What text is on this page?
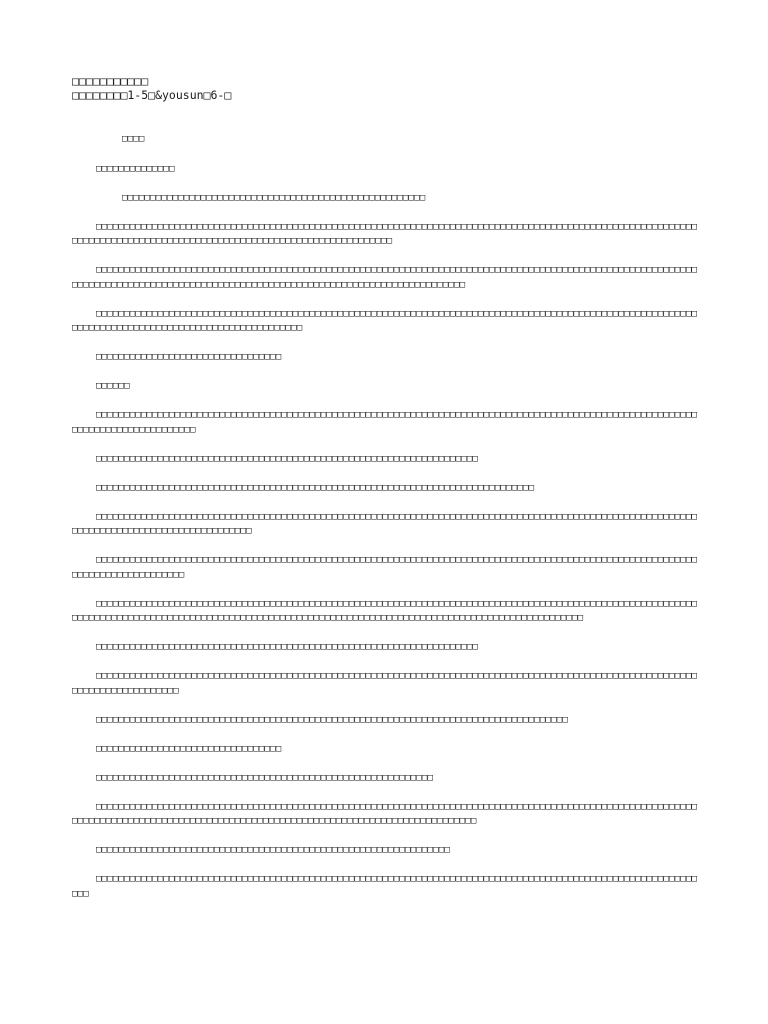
□□□□□□□□□□□
□□□□□□□□1-5□&yousun□6-□

□□□□

□□□□□□□□□□□□□□

□□□□□□□□□□□□□□□□□□□□□□□□□□□□□□□□□□□□□□□□□□□□□□□□□□□□□□

□□□□□□□□□□□□□□□□□□□□□□□□□□□□□□□□□□□□□□□□□□□□□□□□□□□□□□□□□□□□□□□□□□□□□□□□□□□□□□□□□□□□□□□□□□□□□□□□□□□□□□□□□□□□□□□□□□□□□□□□□□□□□□□□□□□□□□□□□□□□□□□□□□□□□□□□□□□□□□□□□□□□

□□□□□□□□□□□□□□□□□□□□□□□□□□□□□□□□□□□□□□□□□□□□□□□□□□□□□□□□□□□□□□□□□□□□□□□□□□□□□□□□□□□□□□□□□□□□□□□□□□□□□□□□□□□□□□□□□□□□□□□□□□□□□□□□□□□□□□□□□□□□□□□□□□□□□□□□□□□□□□□□□□□□□□□□□□□□□□□□□

□□□□□□□□□□□□□□□□□□□□□□□□□□□□□□□□□□□□□□□□□□□□□□□□□□□□□□□□□□□□□□□□□□□□□□□□□□□□□□□□□□□□□□□□□□□□□□□□□□□□□□□□□□□□□□□□□□□□□□□□□□□□□□□□□□□□□□□□□□□□□□□□□□□□

□□□□□□□□□□□□□□□□□□□□□□□□□□□□□□□□□

□□□□□□

□□□□□□□□□□□□□□□□□□□□□□□□□□□□□□□□□□□□□□□□□□□□□□□□□□□□□□□□□□□□□□□□□□□□□□□□□□□□□□□□□□□□□□□□□□□□□□□□□□□□□□□□□□□□□□□□□□□□□□□□□□□□□□□□□

□□□□□□□□□□□□□□□□□□□□□□□□□□□□□□□□□□□□□□□□□□□□□□□□□□□□□□□□□□□□□□□□□□□□

□□□□□□□□□□□□□□□□□□□□□□□□□□□□□□□□□□□□□□□□□□□□□□□□□□□□□□□□□□□□□□□□□□□□□□□□□□□□□□

□□□□□□□□□□□□□□□□□□□□□□□□□□□□□□□□□□□□□□□□□□□□□□□□□□□□□□□□□□□□□□□□□□□□□□□□□□□□□□□□□□□□□□□□□□□□□□□□□□□□□□□□□□□□□□□□□□□□□□□□□□□□□□□□□□□□□□□□□□□

□□□□□□□□□□□□□□□□□□□□□□□□□□□□□□□□□□□□□□□□□□□□□□□□□□□□□□□□□□□□□□□□□□□□□□□□□□□□□□□□□□□□□□□□□□□□□□□□□□□□□□□□□□□□□□□□□□□□□□□□□□□□□□□

□□□□□□□□□□□□□□□□□□□□□□□□□□□□□□□□□□□□□□□□□□□□□□□□□□□□□□□□□□□□□□□□□□□□□□□□□□□□□□□□□□□□□□□□□□□□□□□□□□□□□□□□□□□□□□□□□□□□□□□□□□□□□□□□□□□□□□□□□□□□□□□□□□□□□□□□□□□□□□□□□□□□□□□□□□□□□□□□□□□□□□□□□□□□□□□□□□□□□□

□□□□□□□□□□□□□□□□□□□□□□□□□□□□□□□□□□□□□□□□□□□□□□□□□□□□□□□□□□□□□□□□□□□□

□□□□□□□□□□□□□□□□□□□□□□□□□□□□□□□□□□□□□□□□□□□□□□□□□□□□□□□□□□□□□□□□□□□□□□□□□□□□□□□□□□□□□□□□□□□□□□□□□□□□□□□□□□□□□□□□□□□□□□□□□□□□□□

□□□□□□□□□□□□□□□□□□□□□□□□□□□□□□□□□□□□□□□□□□□□□□□□□□□□□□□□□□□□□□□□□□□□□□□□□□□□□□□□□□□□

□□□□□□□□□□□□□□□□□□□□□□□□□□□□□□□□□

□□□□□□□□□□□□□□□□□□□□□□□□□□□□□□□□□□□□□□□□□□□□□□□□□□□□□□□□□□□□

□□□□□□□□□□□□□□□□□□□□□□□□□□□□□□□□□□□□□□□□□□□□□□□□□□□□□□□□□□□□□□□□□□□□□□□□□□□□□□□□□□□□□□□□□□□□□□□□□□□□□□□□□□□□□□□□□□□□□□□□□□□□□□□□□□□□□□□□□□□□□□□□□□□□□□□□□□□□□□□□□□□□□□□□□□□□□□□□□□□

□□□□□□□□□□□□□□□□□□□□□□□□□□□□□□□□□□□□□□□□□□□□□□□□□□□□□□□□□□□□□□□

□□□□□□□□□□□□□□□□□□□□□□□□□□□□□□□□□□□□□□□□□□□□□□□□□□□□□□□□□□□□□□□□□□□□□□□□□□□□□□□□□□□□□□□□□□□□□□□□□□□□□□□□□□□□□□
